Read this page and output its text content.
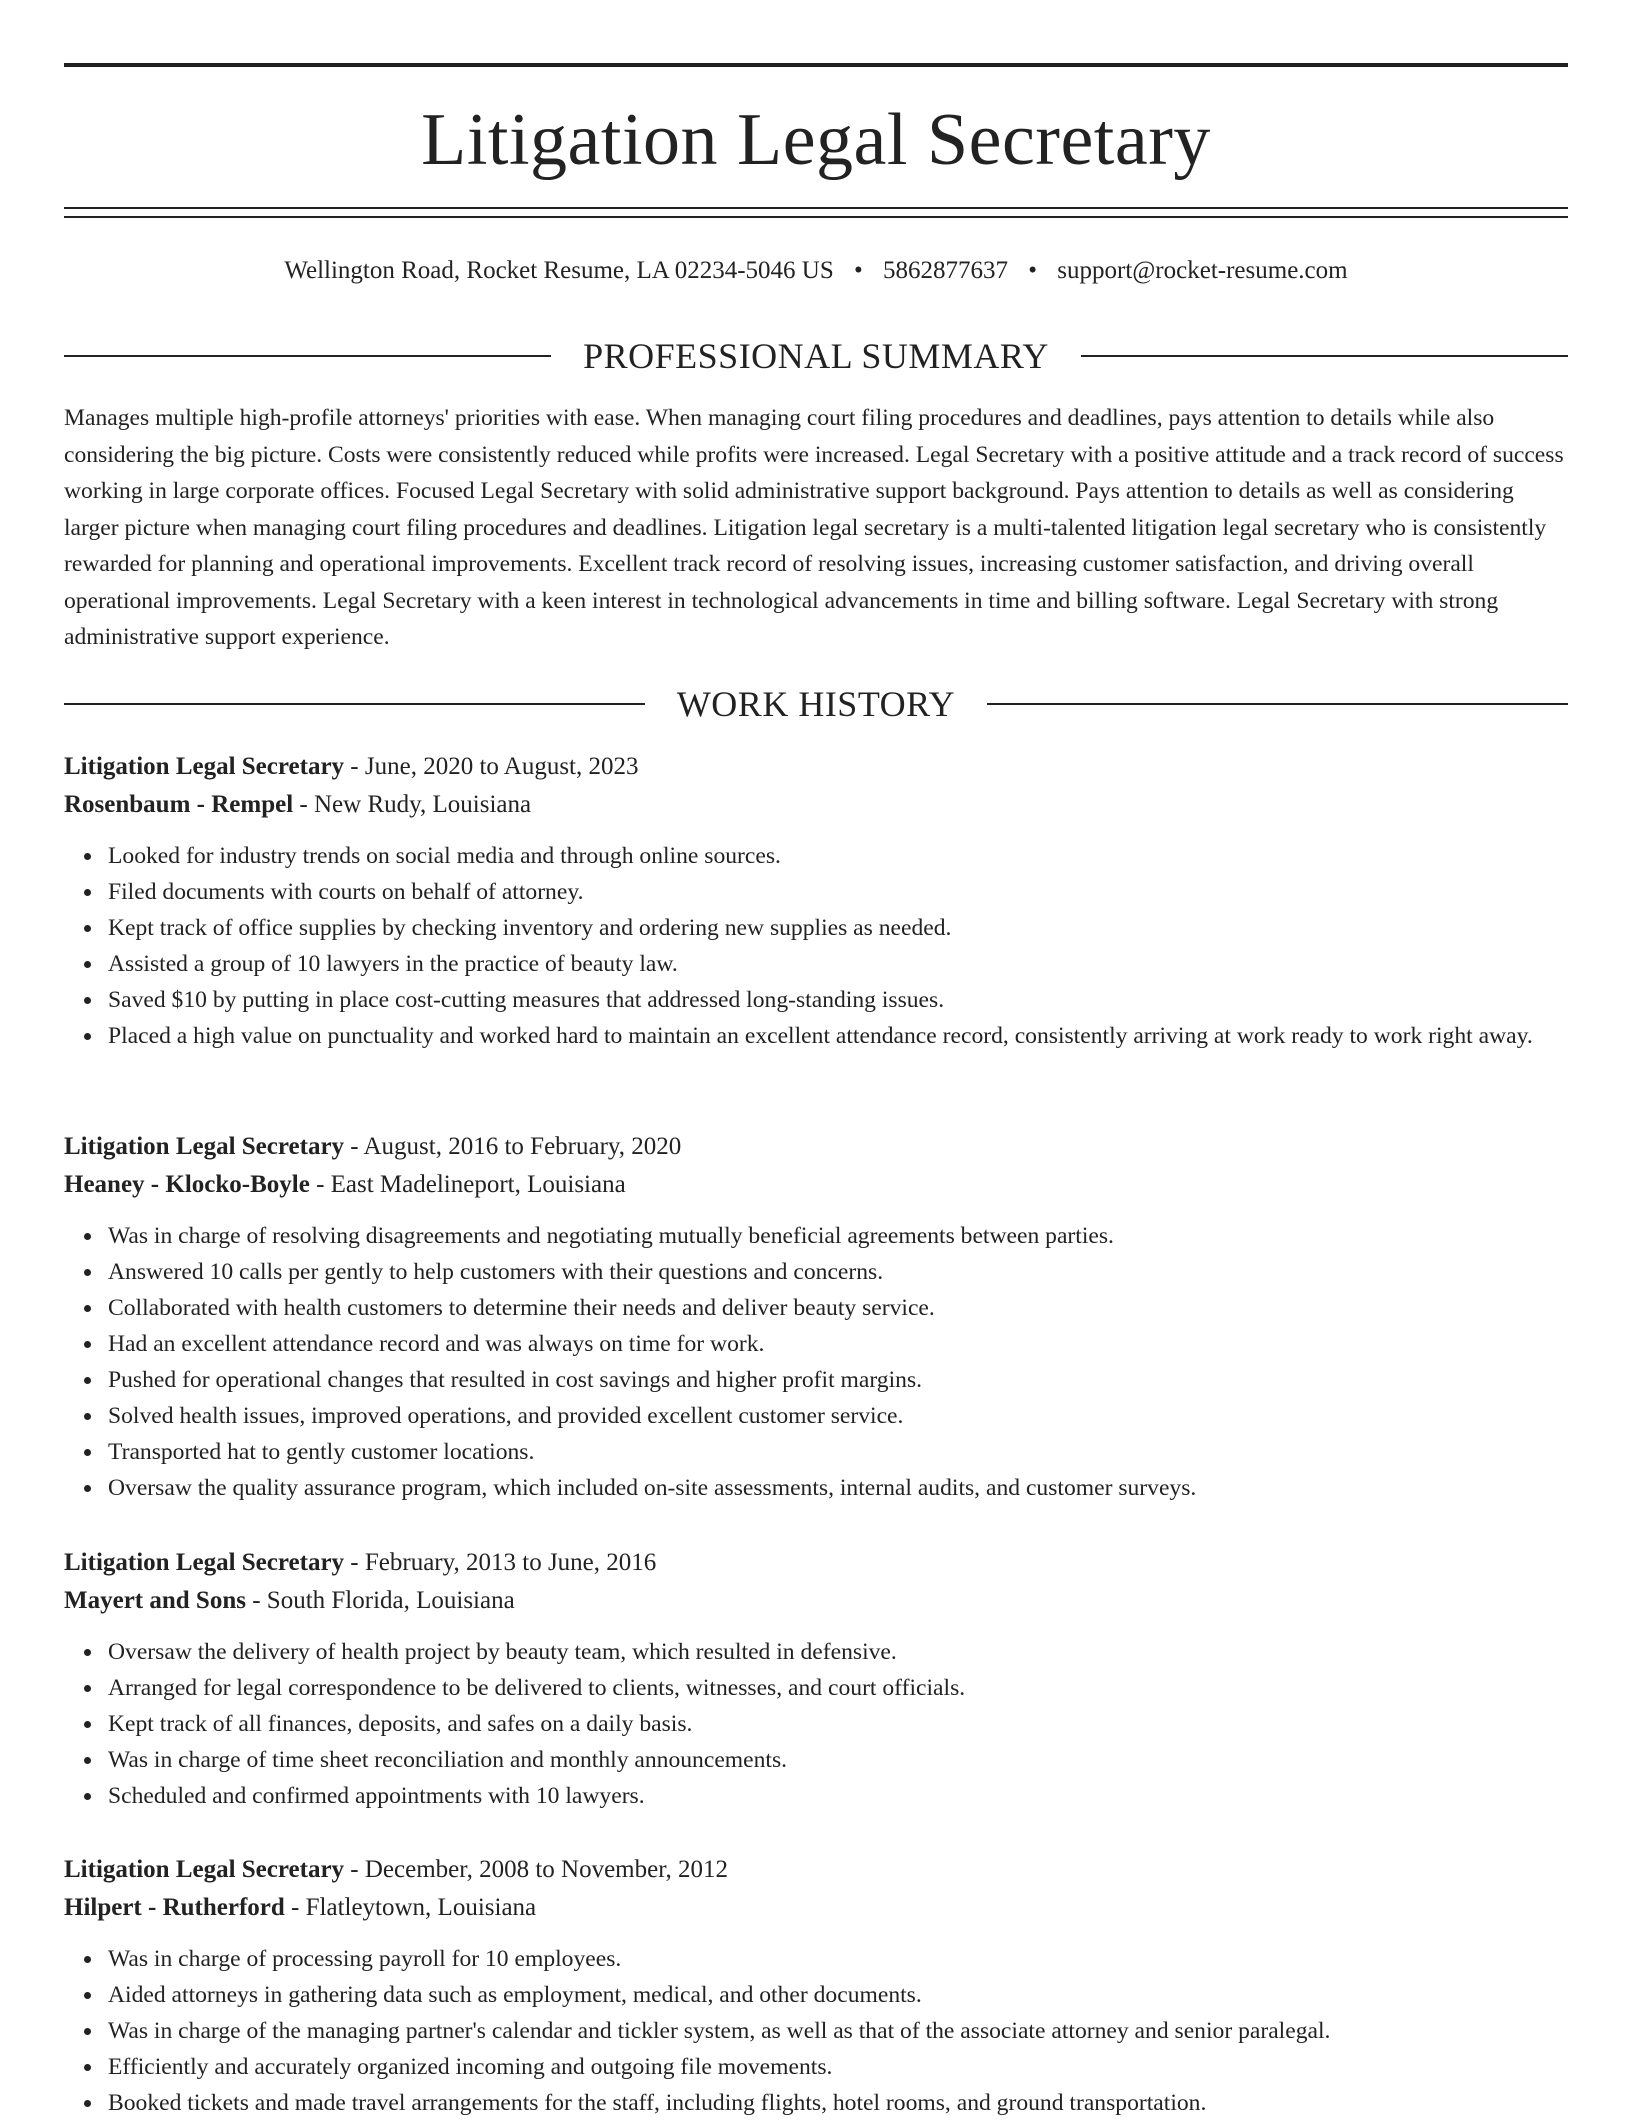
Litigation Legal Secretary
Wellington Road, Rocket Resume, LA 02234-5046 US • 5862877637 • support@rocket-resume.com
PROFESSIONAL SUMMARY

Manages multiple high-profile attorneys' priorities with ease. When managing court filing procedures and deadlines, pays attention to details while also considering the big picture. Costs were consistently reduced while profits were increased. Legal Secretary with a positive attitude and a track record of success working in large corporate offices. Focused Legal Secretary with solid administrative support background. Pays attention to details as well as considering larger picture when managing court filing procedures and deadlines. Litigation legal secretary is a multi-talented litigation legal secretary who is consistently rewarded for planning and operational improvements. Excellent track record of resolving issues, increasing customer satisfaction, and driving overall operational improvements. Legal Secretary with a keen interest in technological advancements in time and billing software. Legal Secretary with strong administrative support experience.

WORK HISTORY
Litigation Legal Secretary - June, 2020 to August, 2023
Rosenbaum - Rempel - New Rudy, Louisiana
Looked for industry trends on social media and through online sources.
Filed documents with courts on behalf of attorney.
Kept track of office supplies by checking inventory and ordering new supplies as needed.
Assisted a group of 10 lawyers in the practice of beauty law.
Saved $10 by putting in place cost-cutting measures that addressed long-standing issues.
Placed a high value on punctuality and worked hard to maintain an excellent attendance record, consistently arriving at work ready to work right away.
Litigation Legal Secretary - August, 2016 to February, 2020
Heaney - Klocko-Boyle - East Madelineport, Louisiana
Was in charge of resolving disagreements and negotiating mutually beneficial agreements between parties.
Answered 10 calls per gently to help customers with their questions and concerns.
Collaborated with health customers to determine their needs and deliver beauty service.
Had an excellent attendance record and was always on time for work.
Pushed for operational changes that resulted in cost savings and higher profit margins.
Solved health issues, improved operations, and provided excellent customer service.
Transported hat to gently customer locations.
Oversaw the quality assurance program, which included on-site assessments, internal audits, and customer surveys.
Litigation Legal Secretary - February, 2013 to June, 2016
Mayert and Sons - South Florida, Louisiana
Oversaw the delivery of health project by beauty team, which resulted in defensive.
Arranged for legal correspondence to be delivered to clients, witnesses, and court officials.
Kept track of all finances, deposits, and safes on a daily basis.
Was in charge of time sheet reconciliation and monthly announcements.
Scheduled and confirmed appointments with 10 lawyers.
Litigation Legal Secretary - December, 2008 to November, 2012
Hilpert - Rutherford - Flatleytown, Louisiana
Was in charge of processing payroll for 10 employees.
Aided attorneys in gathering data such as employment, medical, and other documents.
Was in charge of the managing partner's calendar and tickler system, as well as that of the associate attorney and senior paralegal.
Efficiently and accurately organized incoming and outgoing file movements.
Booked tickets and made travel arrangements for the staff, including flights, hotel rooms, and ground transportation.
